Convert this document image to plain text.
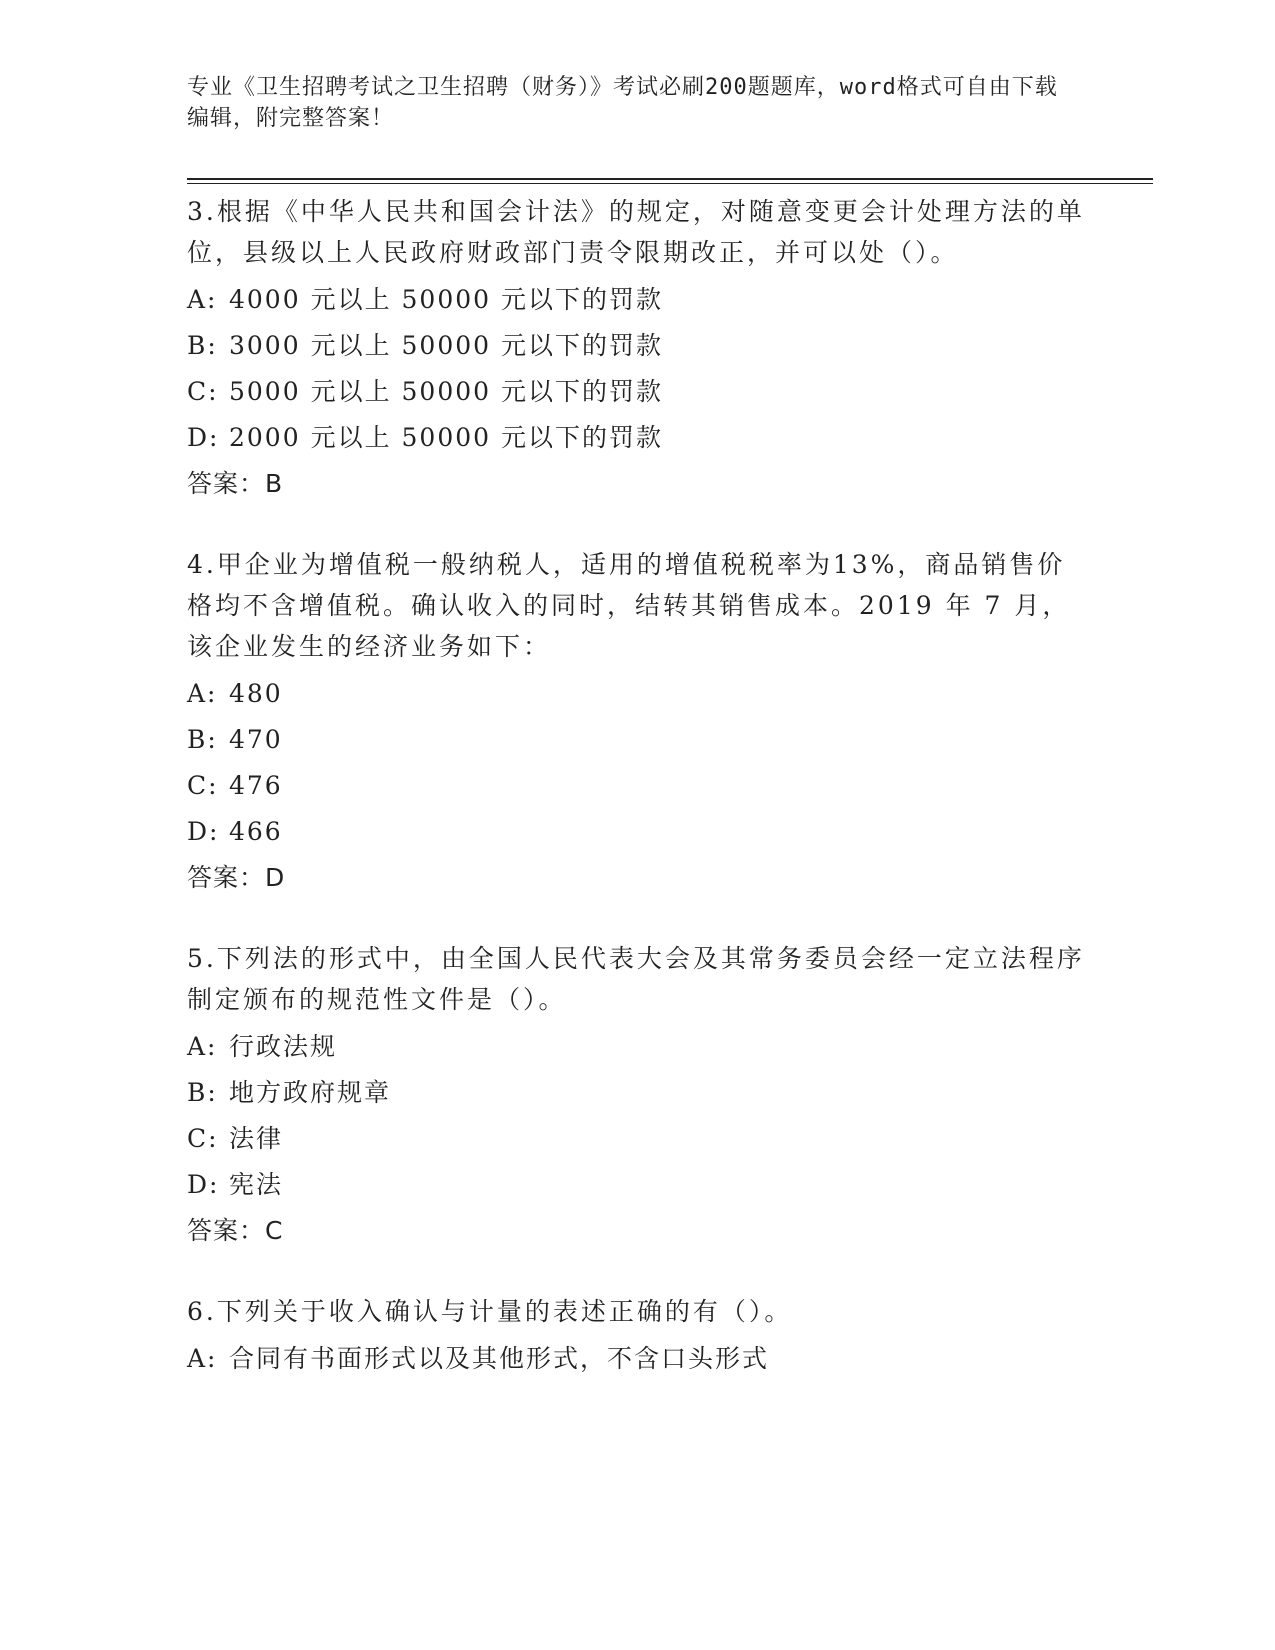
专业《卫生招聘考试之卫生招聘（财务）》考试必刷200题题库，word格式可自由下载编辑，附完整答案！
3.根据《中华人民共和国会计法》的规定，对随意变更会计处理方法的单位，县级以上人民政府财政部门责令限期改正，并可以处（）。
A: 4000 元以上 50000 元以下的罚款
B: 3000 元以上 50000 元以下的罚款
C: 5000 元以上 50000 元以下的罚款
D: 2000 元以上 50000 元以下的罚款
答案：B
4.甲企业为增值税一般纳税人，适用的增值税税率为13%，商品销售价格均不含增值税。确认收入的同时，结转其销售成本。2019 年 7 月，该企业发生的经济业务如下：
A: 480
B: 470
C: 476
D: 466
答案：D
5.下列法的形式中，由全国人民代表大会及其常务委员会经一定立法程序制定颁布的规范性文件是（）。
A: 行政法规
B: 地方政府规章
C: 法律
D: 宪法
答案：C
6.下列关于收入确认与计量的表述正确的有（）。
A: 合同有书面形式以及其他形式，不含口头形式
